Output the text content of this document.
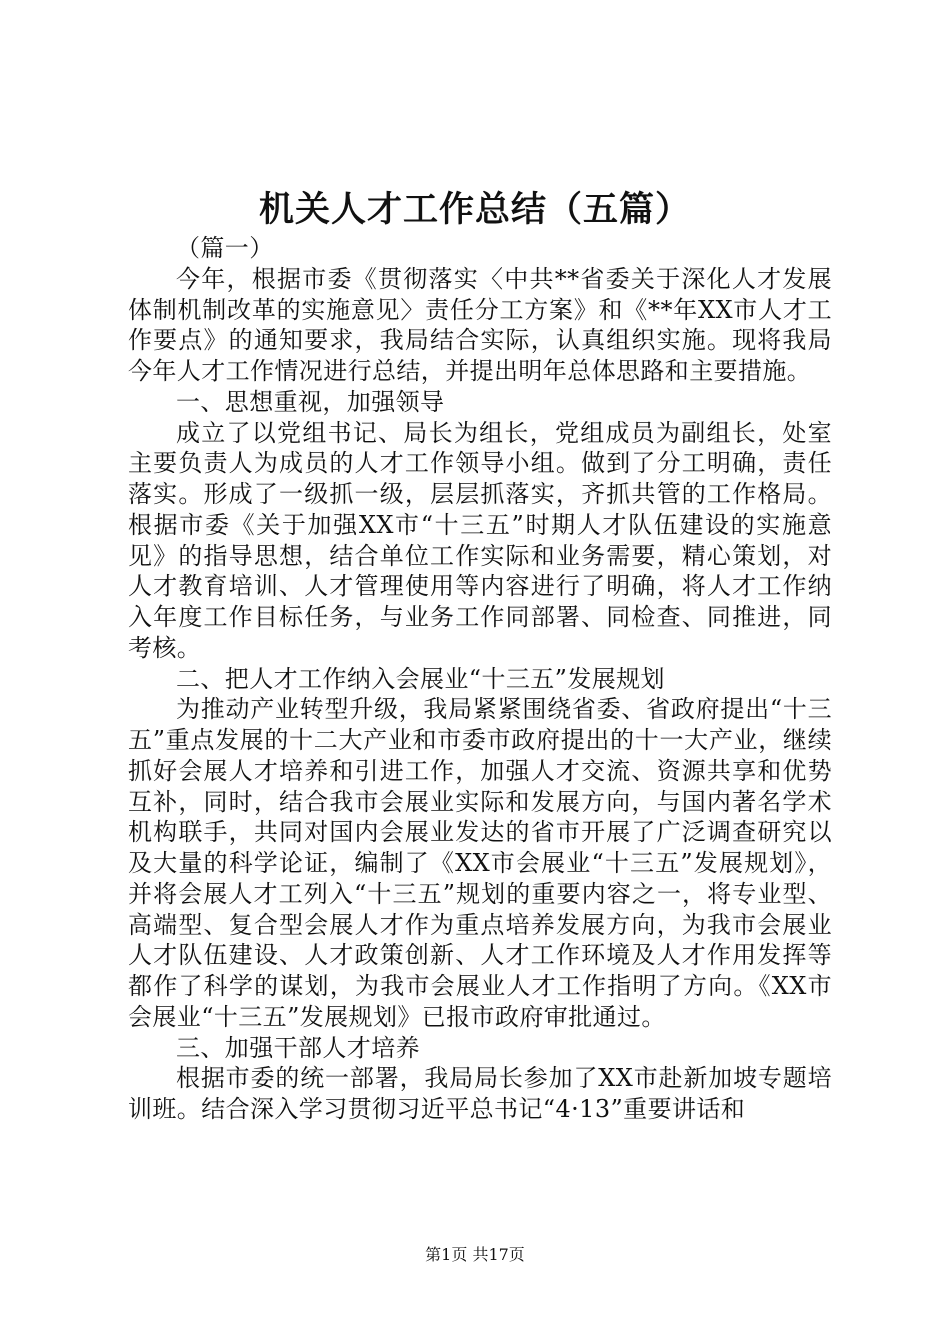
机关人才工作总结（五篇）

（篇一）

今年，根据市委《贯彻落实〈中共**省委关于深化人才发展体制机制改革的实施意见〉责任分工方案》和《**年XX市人才工作要点》的通知要求，我局结合实际，认真组织实施。现将我局今年人才工作情况进行总结，并提出明年总体思路和主要措施。

一、思想重视，加强领导

成立了以党组书记、局长为组长，党组成员为副组长，处室主要负责人为成员的人才工作领导小组。做到了分工明确，责任落实。形成了一级抓一级，层层抓落实，齐抓共管的工作格局。根据市委《关于加强XX市“十三五”时期人才队伍建设的实施意见》的指导思想，结合单位工作实际和业务需要，精心策划，对人才教育培训、人才管理使用等内容进行了明确，将人才工作纳入年度工作目标任务，与业务工作同部署、同检查、同推进，同考核。

二、把人才工作纳入会展业“十三五”发展规划

为推动产业转型升级，我局紧紧围绕省委、省政府提出“十三五”重点发展的十二大产业和市委市政府提出的十一大产业，继续抓好会展人才培养和引进工作，加强人才交流、资源共享和优势互补，同时，结合我市会展业实际和发展方向，与国内著名学术机构联手，共同对国内会展业发达的省市开展了广泛调查研究以及大量的科学论证，编制了《XX市会展业“十三五”发展规划》，并将会展人才工列入“十三五”规划的重要内容之一，将专业型、高端型、复合型会展人才作为重点培养发展方向，为我市会展业人才队伍建设、人才政策创新、人才工作环境及人才作用发挥等都作了科学的谋划，为我市会展业人才工作指明了方向。《XX市会展业“十三五”发展规划》已报市政府审批通过。

三、加强干部人才培养

根据市委的统一部署，我局局长参加了XX市赴新加坡专题培训班。结合深入学习贯彻习近平总书记“4·13”重要讲话和

第1页 共17页
